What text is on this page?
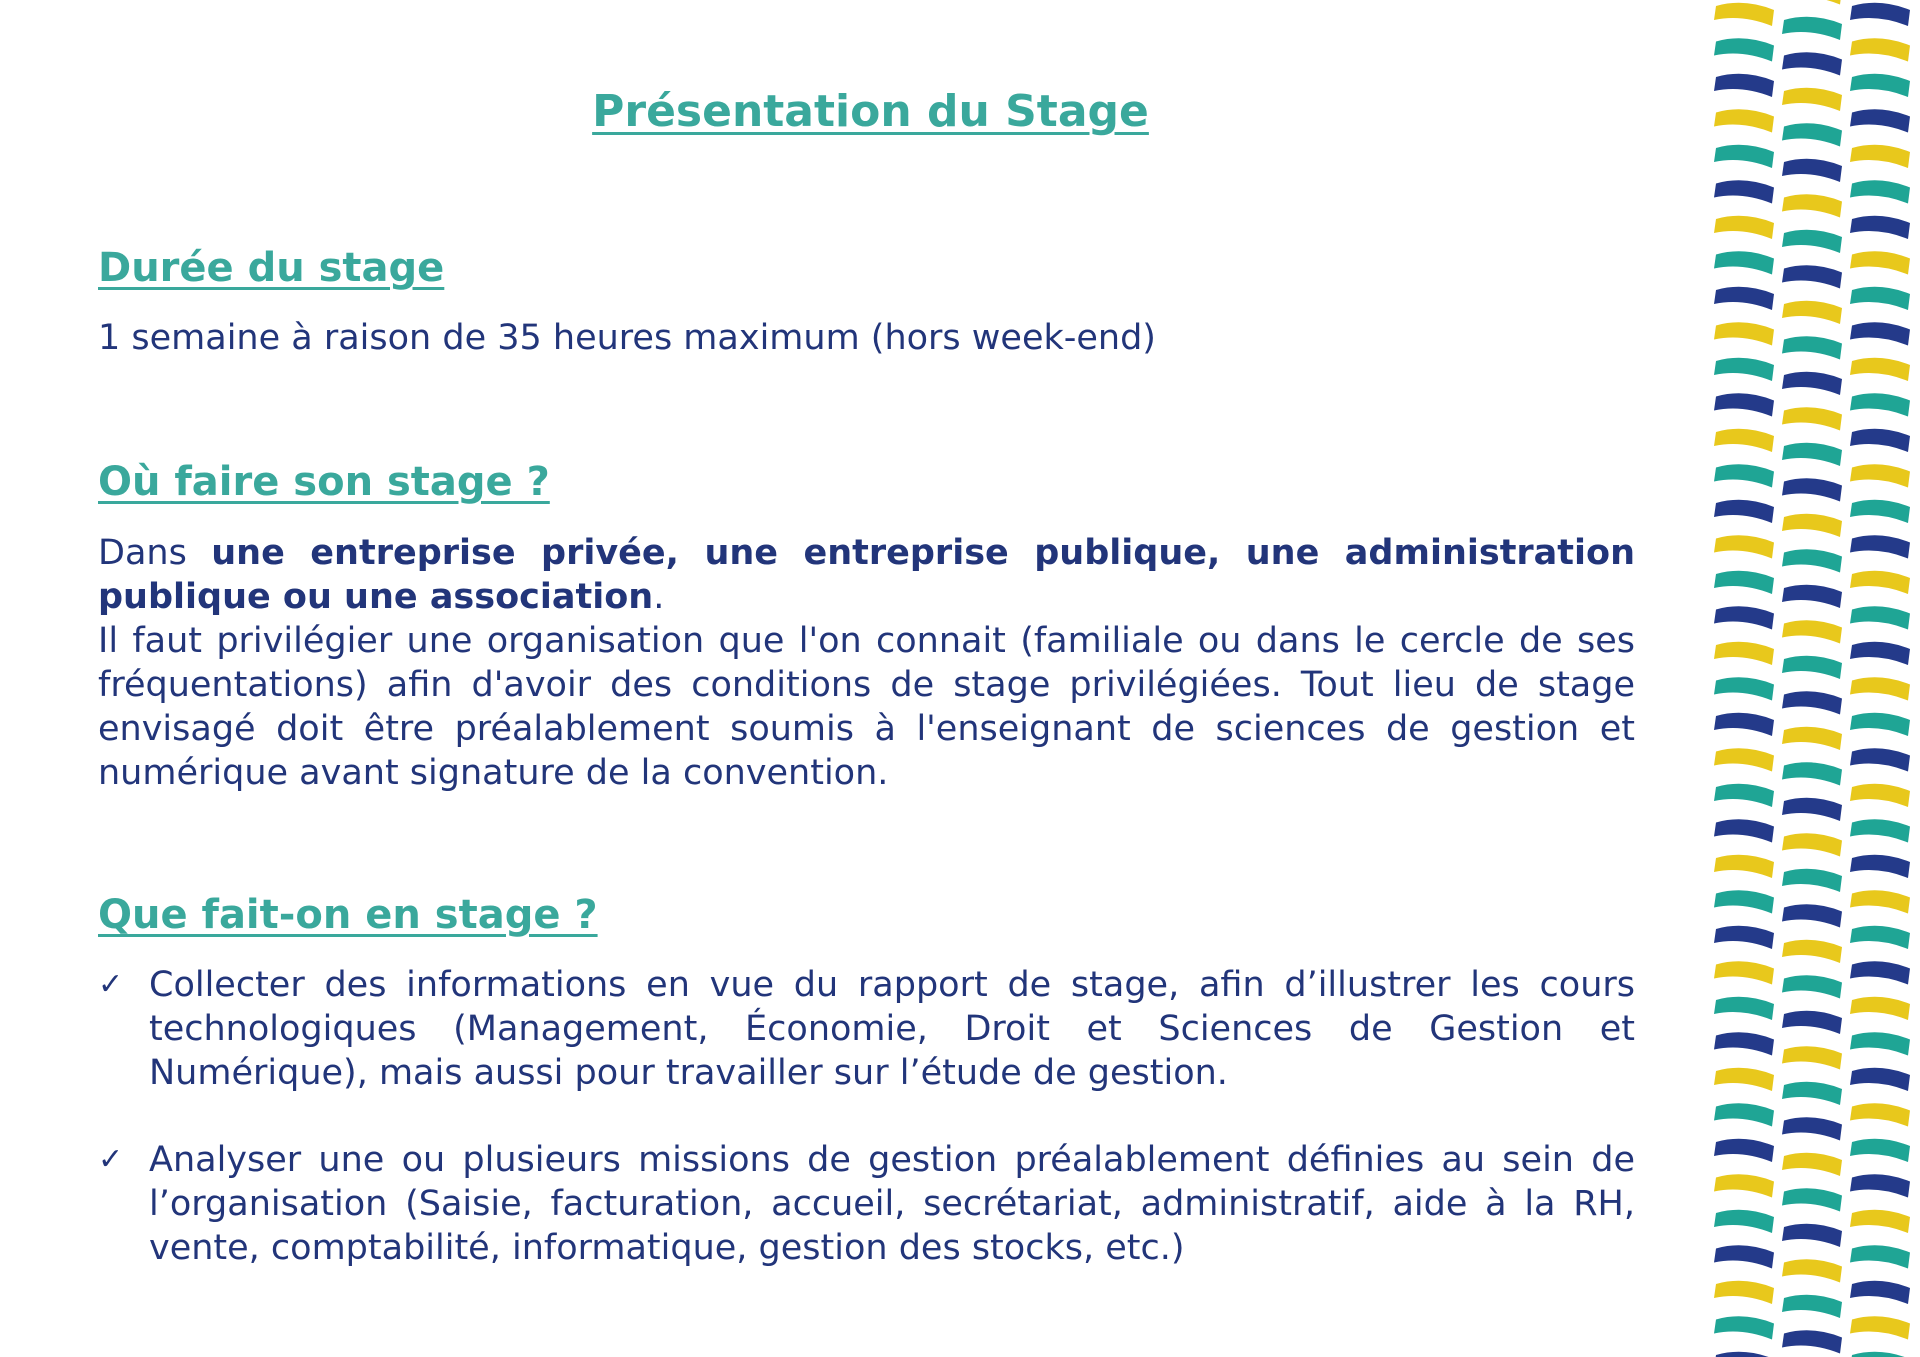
Présentation du Stage
Durée du stage

1 semaine à raison de 35 heures maximum (hors week-end)

Où faire son stage ?

Dans une entreprise privée, une entreprise publique, une administration publique ou une association.

Il faut privilégier une organisation que l'on connait (familiale ou dans le cercle de ses fréquentations) afin d'avoir des conditions de stage privilégiées. Tout lieu de stage envisagé doit être préalablement soumis à l'enseignant de sciences de gestion et numérique avant signature de la convention.

Que fait-on en stage ?
✓ Collecter des informations en vue du rapport de stage, afin d’illustrer les cours technologiques (Management, Économie, Droit et Sciences de Gestion et Numérique), mais aussi pour travailler sur l’étude de gestion.
✓ Analyser une ou plusieurs missions de gestion préalablement définies au sein de l’organisation (Saisie, facturation, accueil, secrétariat, administratif, aide à la RH, vente, comptabilité, informatique, gestion des stocks, etc.)
